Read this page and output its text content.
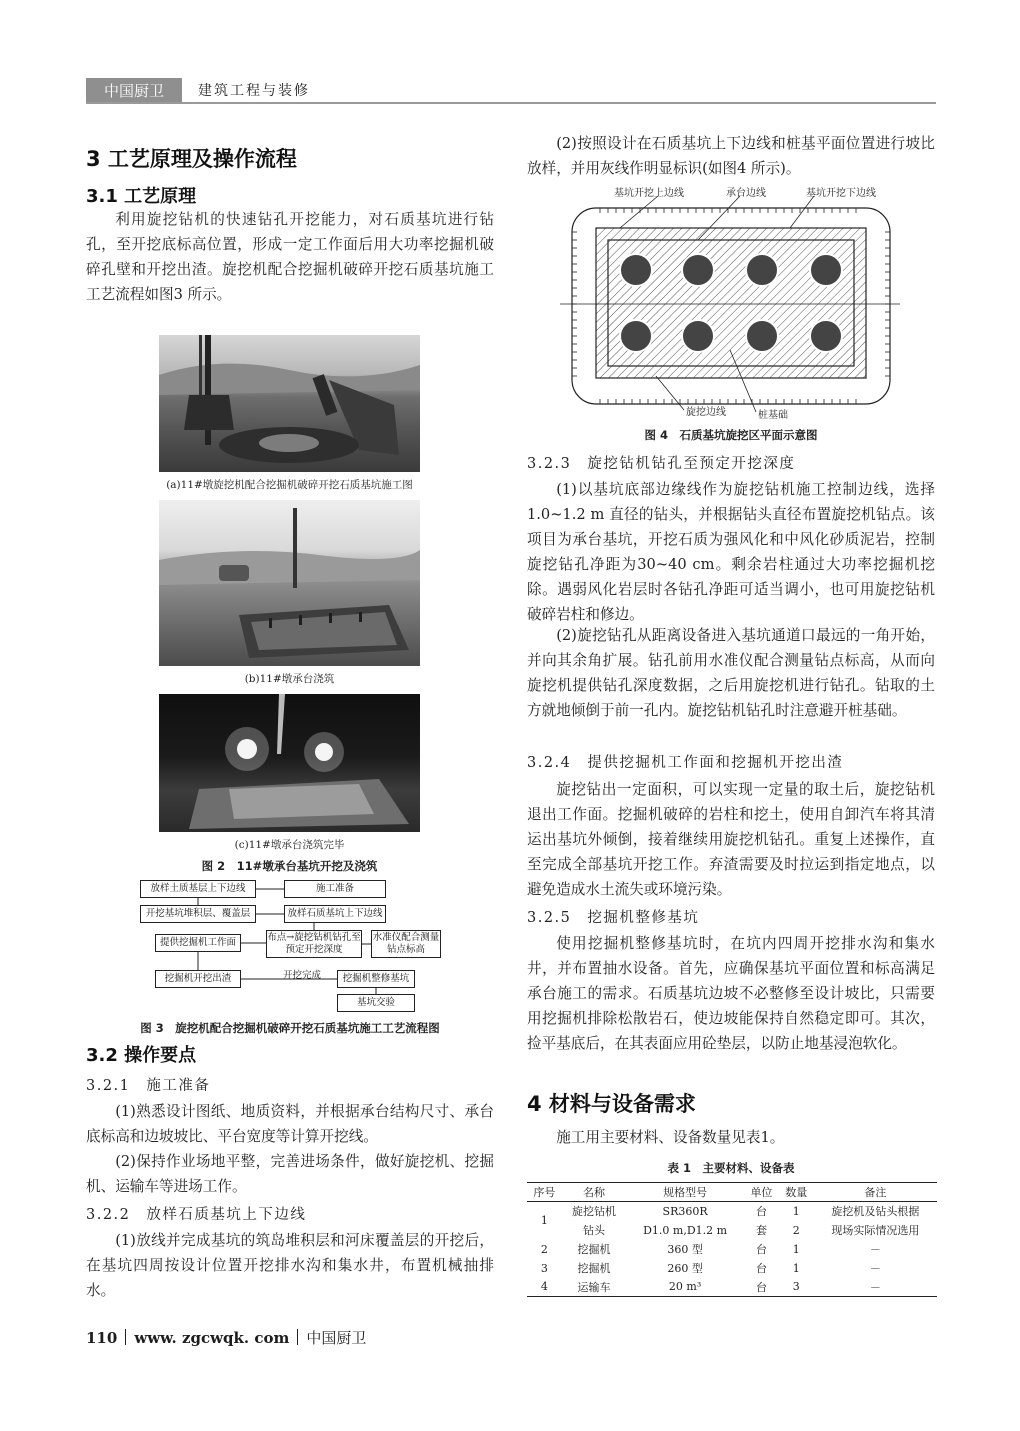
中国厨卫	建筑工程与装修
3 工艺原理及操作流程
3.1 工艺原理
利用旋挖钻机的快速钻孔开挖能力，对石质基坑进行钻孔，至开挖底标高位置，形成一定工作面后用大功率挖掘机破碎孔壁和开挖出渣。旋挖机配合挖掘机破碎开挖石质基坑施工工艺流程如图3 所示。
(a)11#墩旋挖机配合挖掘机破碎开挖石质基坑施工图
(b)11#墩承台浇筑
(c)11#墩承台浇筑完毕
图 2　11#墩承台基坑开挖及浇筑
放样土质基层上下边线	施工准备
开挖基坑堆积层、覆盖层	放样石质基坑上下边线
提供挖掘机工作面	布点→旋挖钻机钻孔至预定开挖深度
水准仪配合测量钻点标高
挖掘机开挖出渣	开挖完成	挖掘机整修基坑
基坑交验
图 3　旋挖机配合挖掘机破碎开挖石质基坑施工工艺流程图
3.2 操作要点
3.2.1　施工准备
(1)熟悉设计图纸、地质资料，并根据承台结构尺寸、承台底标高和边坡坡比、平台宽度等计算开挖线。
(2)保持作业场地平整，完善进场条件，做好旋挖机、挖掘机、运输车等进场工作。
3.2.2　放样石质基坑上下边线
(1)放线并完成基坑的筑岛堆积层和河床覆盖层的开挖后，在基坑四周按设计位置开挖排水沟和集水井，布置机械抽排水。
(2)按照设计在石质基坑上下边线和桩基平面位置进行坡比放样，并用灰线作明显标识(如图4 所示)。
基坑开挖上边线	承台边线	基坑开挖下边线
旋挖边线	桩基础
图 4　石质基坑旋挖区平面示意图
3.2.3　旋挖钻机钻孔至预定开挖深度
(1)以基坑底部边缘线作为旋挖钻机施工控制边线，选择1.0~1.2 m 直径的钻头，并根据钻头直径布置旋挖机钻点。该项目为承台基坑，开挖石质为强风化和中风化砂质泥岩，控制旋挖钻孔净距为30~40 cm。剩余岩柱通过大功率挖掘机挖除。遇弱风化岩层时各钻孔净距可适当调小，也可用旋挖钻机破碎岩柱和修边。
(2)旋挖钻孔从距离设备进入基坑通道口最远的一角开始，并向其余角扩展。钻孔前用水准仪配合测量钻点标高，从而向旋挖机提供钻孔深度数据，之后用旋挖机进行钻孔。钻取的土方就地倾倒于前一孔内。旋挖钻机钻孔时注意避开桩基础。
3.2.4　提供挖掘机工作面和挖掘机开挖出渣
旋挖钻出一定面积，可以实现一定量的取土后，旋挖钻机退出工作面。挖掘机破碎的岩柱和挖土，使用自卸汽车将其清运出基坑外倾倒，接着继续用旋挖机钻孔。重复上述操作，直至完成全部基坑开挖工作。弃渣需要及时拉运到指定地点，以避免造成水土流失或环境污染。
3.2.5　挖掘机整修基坑
使用挖掘机整修基坑时，在坑内四周开挖排水沟和集水井，并布置抽水设备。首先，应确保基坑平面位置和标高满足承台施工的需求。石质基坑边坡不必整修至设计坡比，只需要用挖掘机排除松散岩石，使边坡能保持自然稳定即可。其次，捡平基底后，在其表面应用砼垫层，以防止地基浸泡软化。
4 材料与设备需求
施工用主要材料、设备数量见表1。
表 1　主要材料、设备表
序号	名称	规格型号	单位	数量	备注
1	旋挖钻机	SR360R	台	1	旋挖机及钻头根据
	钻头	D1.0 m,D1.2 m	套	2	现场实际情况选用
2	挖掘机	360 型	台	1	－
3	挖掘机	260 型	台	1	－
4	运输车	20 m³	台	3	－
110 www. zgcwqk. com 中国厨卫
